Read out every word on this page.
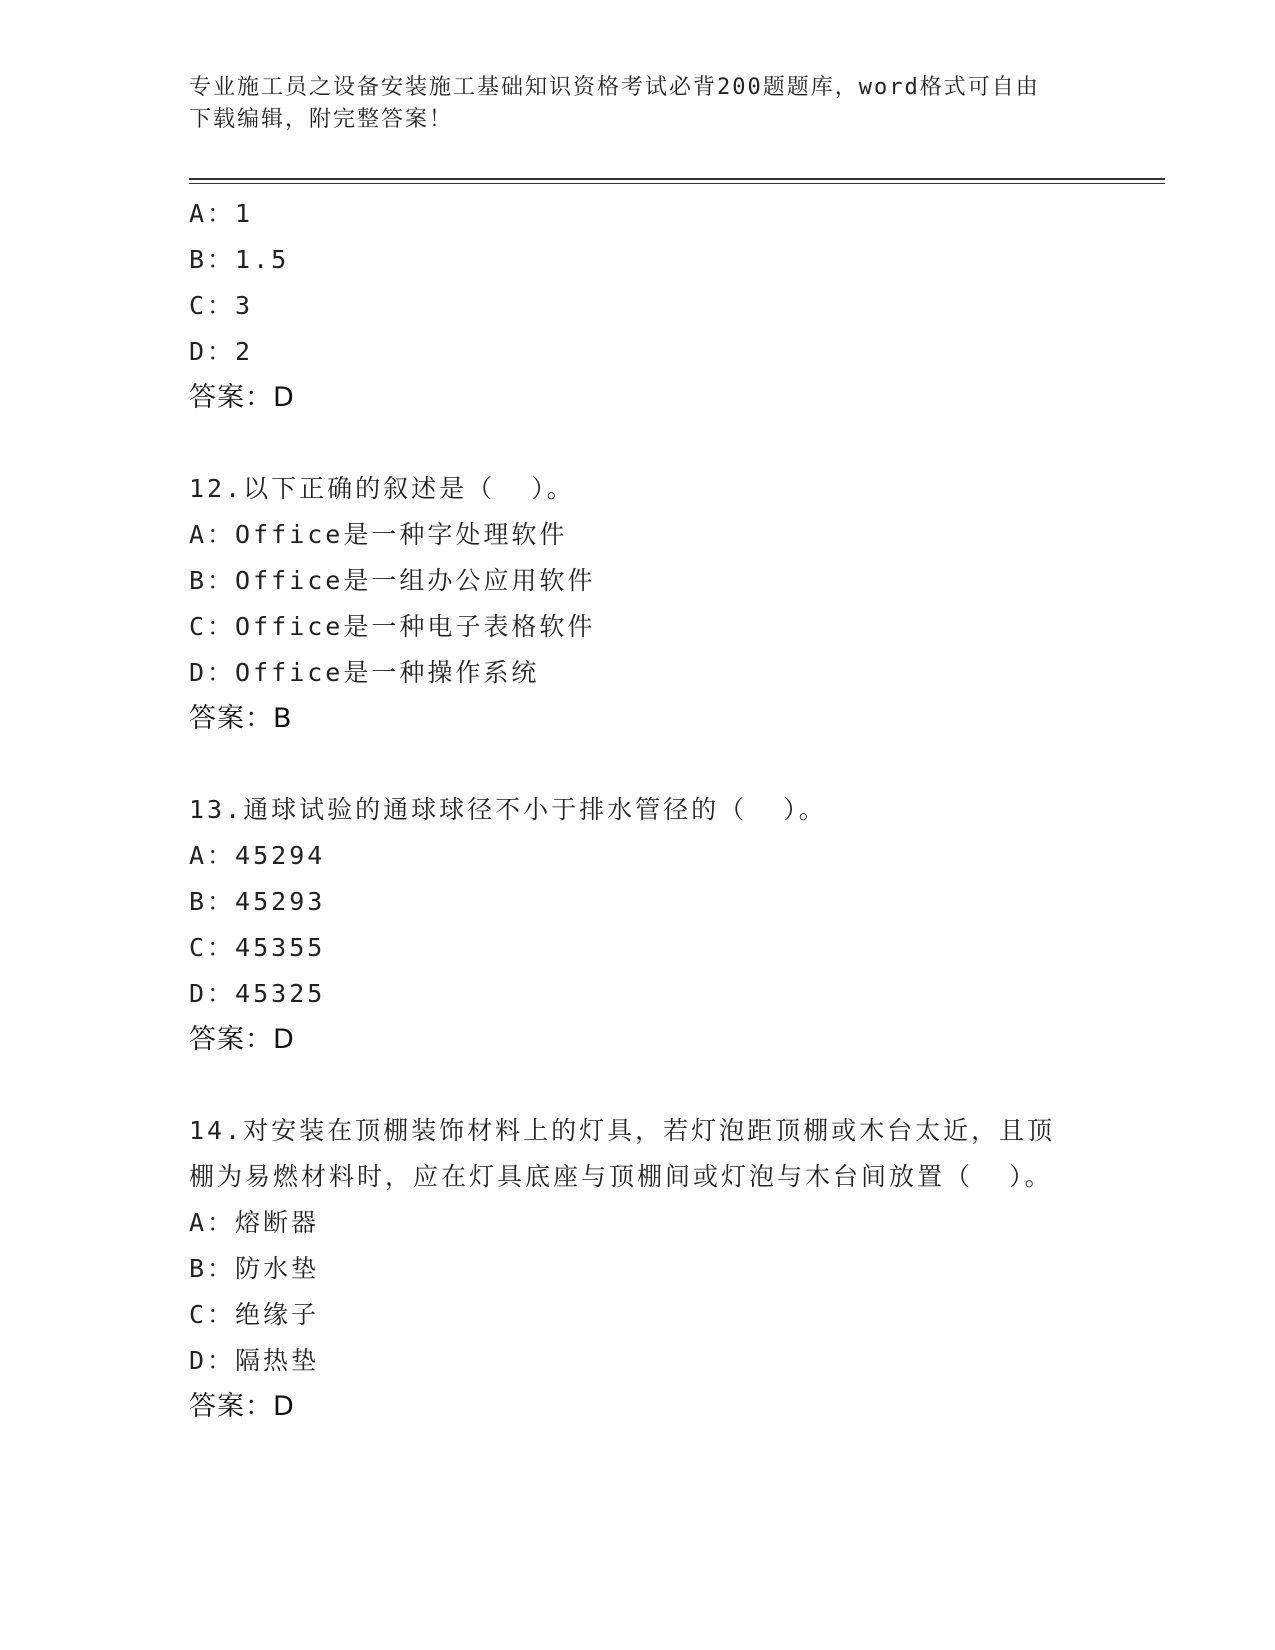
专业施工员之设备安装施工基础知识资格考试必背200题题库，word格式可自由
下载编辑，附完整答案！
A：1
B：1.5
C：3
D：2
答案：D
12.以下正确的叙述是（  ）。
A：Office是一种字处理软件
B：Office是一组办公应用软件
C：Office是一种电子表格软件
D：Office是一种操作系统
答案：B
13.通球试验的通球球径不小于排水管径的（  ）。
A：45294
B：45293
C：45355
D：45325
答案：D
14.对安装在顶棚装饰材料上的灯具，若灯泡距顶棚或木台太近，且顶
棚为易燃材料时，应在灯具底座与顶棚间或灯泡与木台间放置（  ）。
A：熔断器
B：防水垫
C：绝缘子
D：隔热垫
答案：D
